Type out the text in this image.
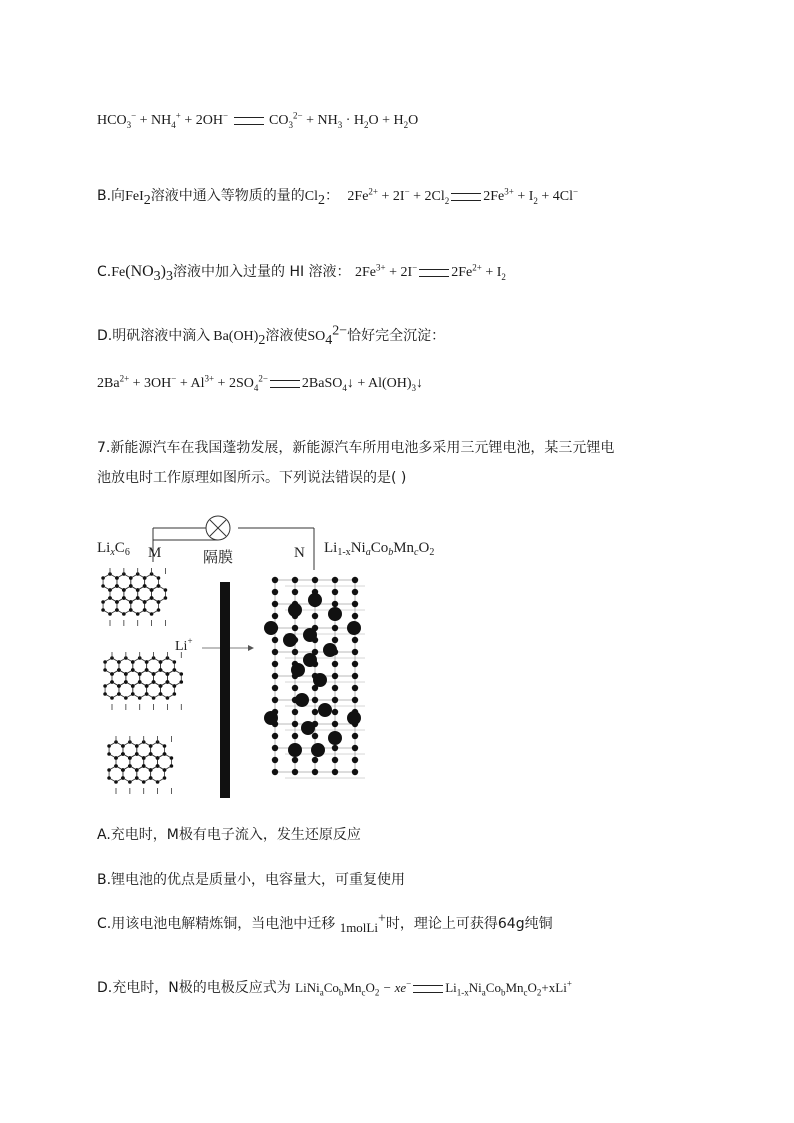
$HCO_3^- + NH_4^+ + 2OH^-$	$CO_3^{2-} + NH_3 \cdot H_2O + H_2O$
B.向FeI$_2$溶液中通入等物质的量的$Cl_2$： $2Fe^{2+} + 2I^- + 2Cl_2$ $2Fe^{3+} + I_2 + 4Cl^-$
$C.Fe(NO_3)_3$溶液中加入过量的 HI 溶液： $2Fe^{3+} + 2I^-$ $2Fe^{2+} + I_2$
D.明矾溶液中滴入 $Ba(OH)_2$溶液使$SO_4^{2-}$恰好完全沉淀：
$2Ba^{2+} + 3OH^- + Al^{3+} + 2SO_4^{2-}$ 2BaSO$_4$↓ + $Al(OH)_3↓$
7.新能源汽车在我国蓬勃发展，新能源汽车所用电池多采用三元锂电池，某三元锂电
池放电时工作原理如图所示。下列说法错误的是( )
$Li_xC_6$ M	隔膜	N $Li_{1-x}Ni_aCo_bMn_cO_2$
Li+
A.充电时，M极有电子流入，发生还原反应
B.锂电池的优点是质量小，电容量大，可重复使用
C.用该电池电解精炼铜，当电池中迁移 1molLi+时，理论上可获得64g纯铜
D.充电时，N极的电极反应式为 $LiNi_aCo_bMn_cO_2 - xe^-$	$Li_{1-x}Ni_aCo_bMn_cO_2+xLi^+$
